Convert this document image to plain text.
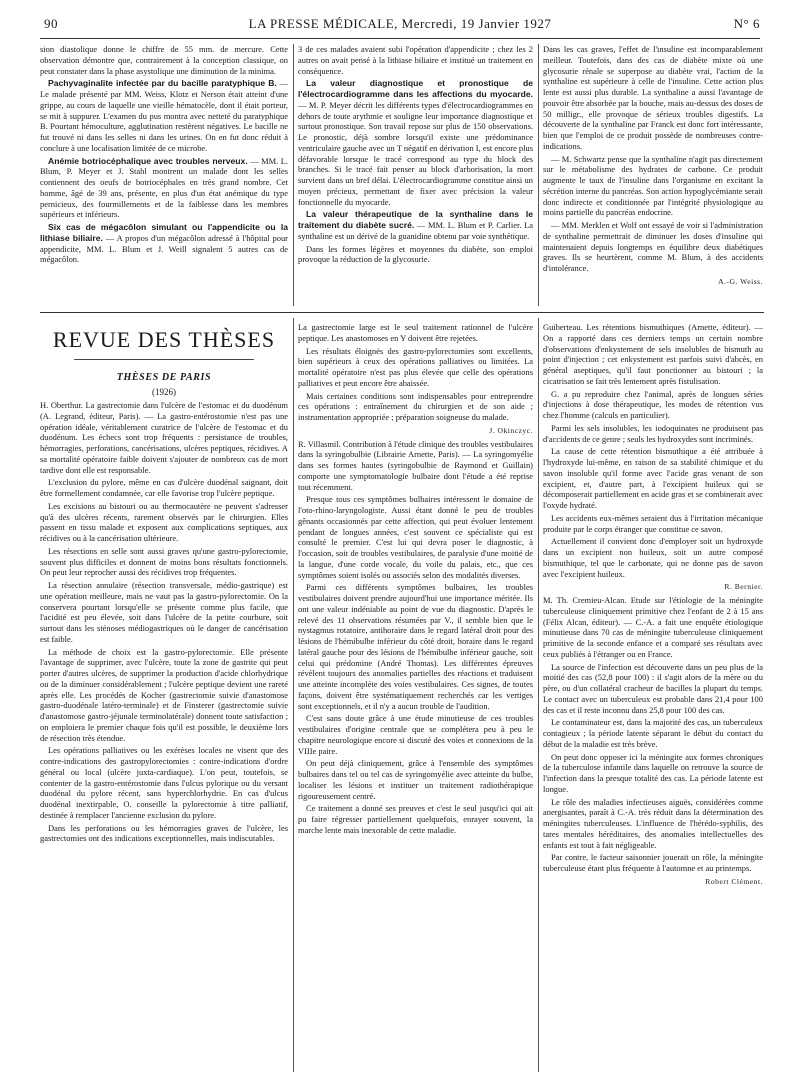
90	LA PRESSE MÉDICALE, Mercredi, 19 Janvier 1927	N° 6

sion diastolique donne le chiffre de 55 mm. de mercure. Cette observation démontre que, contrairement à la conception classique, on peut constater dans la phase asystolique une diminution de la minima.

Pachyvaginalite infectée par du bacille paratyphique B. — Le malade présenté par MM. Weiss, Klotz et Nerson était atteint d'une grippe, au cours de laquelle une vieille hématocèle, dont il était porteur, se mit à suppurer. L'examen du pus montra avec netteté du paratyphique B. Pourtant hémoculture, agglutination restèrent négatives. Le bacille ne fut trouvé ni dans les selles ni dans les urines. On en fut donc réduit à conclure à une localisation limitée de ce microbe.

Anémie botriocéphalique avec troubles nerveux. — MM. L. Blum, P. Meyer et J. Stahl montrent un malade dont les selles contiennent des oeufs de botriocéphales en très grand nombre. Cet homme, âgé de 39 ans, présente, en plus d'un état anémique du type pernicieux, des fourmillements et de la faiblesse dans les membres supérieurs et inférieurs.

Six cas de mégacôlon simulant ou l'appendicite ou la lithiase biliaire. — A propos d'un mégacôlon adressé à l'hôpital pour appendicite, MM. L. Blum et J. Weill signalent 5 autres cas de mégacôlon.

3 de ces malades avaient subi l'opération d'appendicite ; chez les 2 autres on avait pensé à la lithiase biliaire et institué un traitement en conséquence.

La valeur diagnostique et pronostique de l'électrocardiogramme dans les affections du myocarde. — M. P. Meyer décrit les différents types d'électrocardiogrammes en dehors de toute arythmie et souligne leur importance diagnostique et surtout pronostique. Son travail repose sur plus de 150 observations. Le pronostic, déjà sombre lorsqu'il existe une prédominance ventriculaire gauche avec un T négatif en dérivation I, est encore plus défavorable lorsque le tracé correspond au type du block des branches. Si le tracé fait penser au block d'arborisation, la mort survient dans un bref délai. L'électrocardiogramme constitue ainsi un moyen précieux, permettant de fixer avec précision la valeur fonctionnelle du myocarde.

La valeur thérapeutique de la synthaline dans le traitement du diabète sucré. — MM. L. Blum et P. Carlier. La synthaline est un dérivé de la guanidine obtenu par voie synthétique.

Dans les formes légères et moyennes du diabète, son emploi provoque la réduction de la glycosurie.

Dans les cas graves, l'effet de l'insuline est incomparablement meilleur. Toutefois, dans des cas de diabète mixte où une glycosurie rénale se superpose au diabète vrai, l'action de la synthaline est supérieure à celle de l'insuline. Cette action plus lente est aussi plus durable. La synthaline a aussi l'avantage de pouvoir être absorbée par la bouche, mais au-dessus des doses de 50 milligr., elle provoque de sérieux troubles digestifs. La découverte de la synthaline par Franck est donc fort intéressante, bien que l'emploi de ce produit possède de nombreuses contre-indications.

— M. Schwartz pense que la synthaline n'agit pas directement sur le métabolisme des hydrates de carbone. Ce produit augmente le taux de l'insuline dans l'organisme en excitant la sécrétion interne du pancréas. Son action hypoglycémiante serait donc indirecte et conditionnée par l'intégrité physiologique au moins partielle du pancréas endocrine.

— MM. Merklen et Wolf ont essayé de voir si l'administration de synthaline permettrait de diminuer les doses d'insuline qui maintenaient depuis longtemps en équilibre deux diabétiques graves. Ils se heurtèrent, comme M. Blum, à des accidents d'intolérance.

A.-G. Weiss.

REVUE DES THÈSES
THÈSES DE PARIS
(1926)

H. Oberthur. La gastrectomie dans l'ulcère de l'estomac et du duodénum (A. Legrand, éditeur, Paris). — La gastro-entérostomie n'est pas une opération idéale, véritablement curatrice de l'ulcère de l'estomac et du duodénum. Les échecs sont trop fréquents : persistance de troubles, hémorragies, perforations, cancérisations, ulcères peptiques, récidives. A sa mortalité opératoire faible doivent s'ajouter de nombreux cas de mort tardive dont elle est responsable.

L'exclusion du pylore, même en cas d'ulcère duodénal saignant, doit être formellement condamnée, car elle favorise trop l'ulcère peptique.

Les excisions au bistouri ou au thermocautère ne peuvent s'adresser qu'à des ulcères récents, rarement observés par le chirurgien. Elles passent en tissu malade et exposent aux complications septiques, aux récidives ou à la cancérisation ultérieure.

Les résections en selle sont aussi graves qu'une gastro-pylorectomie, souvent plus difficiles et donnent de moins bons résultats fonctionnels. On peut leur reprocher aussi des récidives trop fréquentes.

La résection annulaire (résection transversale, médio-gastrique) est une opération meilleure, mais ne vaut pas la gastro-pylorectomie. On la conservera pourtant lorsqu'elle se présente comme plus facile, que l'acidité est peu élevée, soit dans l'ulcère de la petite courbure, soit surtout dans les sténoses médiogastriques où le danger de cancérisation est faible.

La méthode de choix est la gastro-pylorectomie. Elle présente l'avantage de supprimer, avec l'ulcère, toute la zone de gastrite qui peut porter d'autres ulcères, de supprimer la production d'acide chlorhydrique ou de la diminuer considérablement ; l'ulcère peptique devient une rareté après elle. Les procédés de Kocher (gastrectomie suivie d'anastomose gastro-duodénale latéro-terminale) et de Finsterer (gastrectomie suivie d'anastomose gastro-jéjunale terminolatérale) donnent toute satisfaction ; on emploiera le premier chaque fois qu'il est possible, le deuxième lors de résection très étendue.

Les opérations palliatives ou les exérèses locales ne visent que des contre-indications des gastropylorectomies : contre-indications d'ordre général ou local (ulcère juxta-cardiaque). L'on peut, toutefois, se contenter de la gastro-entérostomie dans l'ulcus pylorique ou du versant duodénal du pylore récent, sans hyperchlorhydrie. En cas d'ulcus duodénal inextirpable, O. conseille la pylorectomie à titre palliatif, destinée à remplacer l'ancienne exclusion du pylore.

Dans les perforations ou les hémorragies graves de l'ulcère, les gastrectomies ont des indications exceptionnelles, mais indiscutables.

La gastrectomie large est le seul traitement rationnel de l'ulcère peptique. Les anastomoses en Y doivent être rejetées.

Les résultats éloignés des gastro-pylorectomies sont excellents, bien supérieurs à ceux des opérations palliatives ou limitées. La mortalité opératoire n'est pas plus élevée que celle des opérations palliatives et peut encore être abaissée.

Mais certaines conditions sont indispensables pour entreprendre ces opérations : entraînement du chirurgien et de son aide ; instrumentation appropriée ; préparation soigneuse du malade.

J. Okinczyc.

R. Villasmil. Contribution à l'étude clinique des troubles vestibulaires dans la syringobulbie (Librairie Arnette, Paris). — La syringomyélie dans ses formes hautes (syringobulbie de Raymond et Guillain) comporte une symptomatologie bulbaire dont l'étude a été reprise tout récemment.

Presque tous ces symptômes bulbaires intéressent le domaine de l'oto-rhino-laryngologiste. Aussi étant donné le peu de troubles gênants occasionnés par cette affection, qui peut évoluer lentement pendant de longues années, c'est souvent ce spécialiste qui est consulté le premier. C'est lui qui devra poser le diagnostic, à l'occasion, soit de troubles vestibulaires, de paralysie d'une moitié de la langue, d'une corde vocale, du voile du palais, etc., que ces symptômes soient isolés ou associés selon des modalités diverses.

Parmi ces différents symptômes bulbaires, les troubles vestibulaires doivent prendre aujourd'hui une importance méritée. Ils ont une valeur indéniable au point de vue du diagnostic. D'après le relevé des 11 observations résumées par V., il semble bien que le nystagmus rotatoire, antihoraire dans le regard latéral droit pour des lésions de l'hémibulbe inférieur du côté droit, horaire dans le regard latéral gauche pour des lésions de l'hémibulbe inférieur gauche, soit celui qui prédomine (André Thomas). Les différentes épreuves révèlent toujours des anomalies partielles des réactions et traduisent une atteinte incomplète des voies vestibulaires. Ces signes, de toutes façons, doivent être systématiquement recherchés car les vertiges sont exceptionnels, et il n'y a aucun trouble de l'audition.

C'est sans doute grâce à une étude minutieuse de ces troubles vestibulaires d'origine centrale que se complétera peu à peu le chapitre neurologique encore si discuté des voies et connexions de la VIIIe paire.

On peut déjà cliniquement, grâce à l'ensemble des symptômes bulbaires dans tel ou tel cas de syringomyélie avec atteinte du bulbe, localiser les lésions et instituer un traitement radiothérapique rigoureusement centré.

Ce traitement a donné ses preuves et c'est le seul jusqu'ici qui ait pu faire régresser partiellement quelquefois, enrayer souvent, la marche lente mais inexorable de cette maladie.

Guiberteau. Les rétentions bismuthiques (Arnette, éditeur). — On a rapporté dans ces derniers temps un certain nombre d'observations d'enkystement de sels insolubles de bismuth au point d'injection ; cet enkystement est parfois suivi d'abcès, en général aseptiques, qu'il faut ponctionner au bistouri ; la cicatrisation se fait très lentement après fistulisation.

G. a pu reproduire chez l'animal, après de longues séries d'injections à dose thérapeutique, les modes de rétention vus chez l'homme (calculs en particulier).

Parmi les sels insolubles, les iodoquinates ne produisent pas d'accidents de ce genre ; seuls les hydroxydes sont incriminés.

La cause de cette rétention bismuthique a été attribuée à l'hydroxyde lui-même, en raison de sa stabilité chimique et du savon insoluble qu'il forme avec l'acide gras venant de son excipient, et, d'autre part, à l'excipient huileux qui se décomposerait partiellement en acide gras et se combinerait avec l'oxyde hydraté.

Les accidents eux-mêmes seraient dus à l'irritation mécanique produite par le corps étranger que constitue ce savon.

Actuellement il convient donc d'employer soit un hydroxyde dans un excipient non huileux, soit un autre composé bismuthique, tel que le carbonate, qui ne donne pas de savon avec l'excipient huileux.

R. Bernier.

M. Th. Cremieu-Alcan. Etude sur l'étiologie de la méningite tuberculeuse cliniquement primitive chez l'enfant de 2 à 15 ans (Félix Alcan, éditeur). — C.-A. a fait une enquête étiologique minutieuse dans 70 cas de méningite tuberculeuse cliniquement primitive de la seconde enfance et a comparé ses résultats avec ceux publiés à l'étranger ou en France.

La source de l'infection est découverte dans un peu plus de la moitié des cas (52,8 pour 100) : il s'agit alors de la mère ou du père, ou d'un collatéral cracheur de bacilles la plupart du temps. Le contact avec un tuberculeux est probable dans 21,4 pour 100 des cas et il reste inconnu dans 25,8 pour 100 des cas.

Le contaminateur est, dans la majorité des cas, un tuberculeux contagieux ; la période latente séparant le début du contact du début de la maladie est très brève.

On peut donc opposer ici la méningite aux formes chroniques de la tuberculose infantile dans laquelle on retrouve la source de l'infection dans la presque totalité des cas. La période latente est longue.

Le rôle des maladies infectieuses aiguës, considérées comme anergisantes, paraît à C.-A. très réduit dans la détermination des méningites tuberculeuses. L'influence de l'hérédo-syphilis, des tares mentales héréditaires, des anomalies intellectuelles des enfants est tout à fait négligeable.

Par contre, le facteur saisonnier jouerait un rôle, la méningite tuberculeuse étant plus fréquente à l'automne et au printemps.

Robert Clément.
